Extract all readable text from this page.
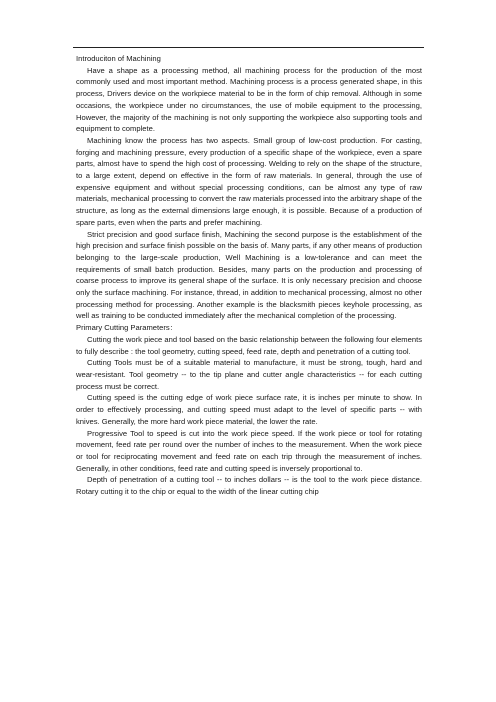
Introduciton of Machining

Have a shape as a processing method, all machining process for the production of the most commonly used and most important method. Machining process is a process generated shape, in this process, Drivers device on the workpiece material to be in the form of chip removal. Although in some occasions, the workpiece under no circumstances, the use of mobile equipment to the processing, However, the majority of the machining is not only supporting the workpiece also supporting tools and equipment to complete.

Machining know the process has two aspects. Small group of low-cost production. For casting, forging and machining pressure, every production of a specific shape of the workpiece, even a spare parts, almost have to spend the high cost of processing. Welding to rely on the shape of the structure, to a large extent, depend on effective in the form of raw materials. In general, through the use of expensive equipment and without special processing conditions, can be almost any type of raw materials, mechanical processing to convert the raw materials processed into the arbitrary shape of the structure, as long as the external dimensions large enough, it is possible. Because of a production of spare parts, even when the parts and prefer machining.

Strict precision and good surface finish, Machining the second purpose is the establishment of the high precision and surface finish possible on the basis of. Many parts, if any other means of production belonging to the large-scale production, Well Machining is a low-tolerance and can meet the requirements of small batch production. Besides, many parts on the production and processing of coarse process to improve its general shape of the surface. It is only necessary precision and choose only the surface machining. For instance, thread, in addition to mechanical processing, almost no other processing method for processing. Another example is the blacksmith pieces keyhole processing, as well as training to be conducted immediately after the mechanical completion of the processing.

Primary Cutting Parameters：

Cutting the work piece and tool based on the basic relationship between the following four elements to fully describe : the tool geometry, cutting speed, feed rate, depth and penetration of a cutting tool.

Cutting Tools must be of a suitable material to manufacture, it must be strong, tough, hard and wear-resistant. Tool geometry -- to the tip plane and cutter angle characteristics -- for each cutting process must be correct.

Cutting speed is the cutting edge of work piece surface rate, it is inches per minute to show. In order to effectively processing, and cutting speed must adapt to the level of specific parts -- with knives. Generally, the more hard work piece material, the lower the rate.

Progressive Tool to speed is cut into the work piece speed. If the work piece or tool for rotating movement, feed rate per round over the number of inches to the measurement. When the work piece or tool for reciprocating movement and feed rate on each trip through the measurement of inches. Generally, in other conditions, feed rate and cutting speed is inversely proportional to.

Depth of penetration of a cutting tool -- to inches dollars -- is the tool to the work piece distance. Rotary cutting it to the chip or equal to the width of the linear cutting chip
